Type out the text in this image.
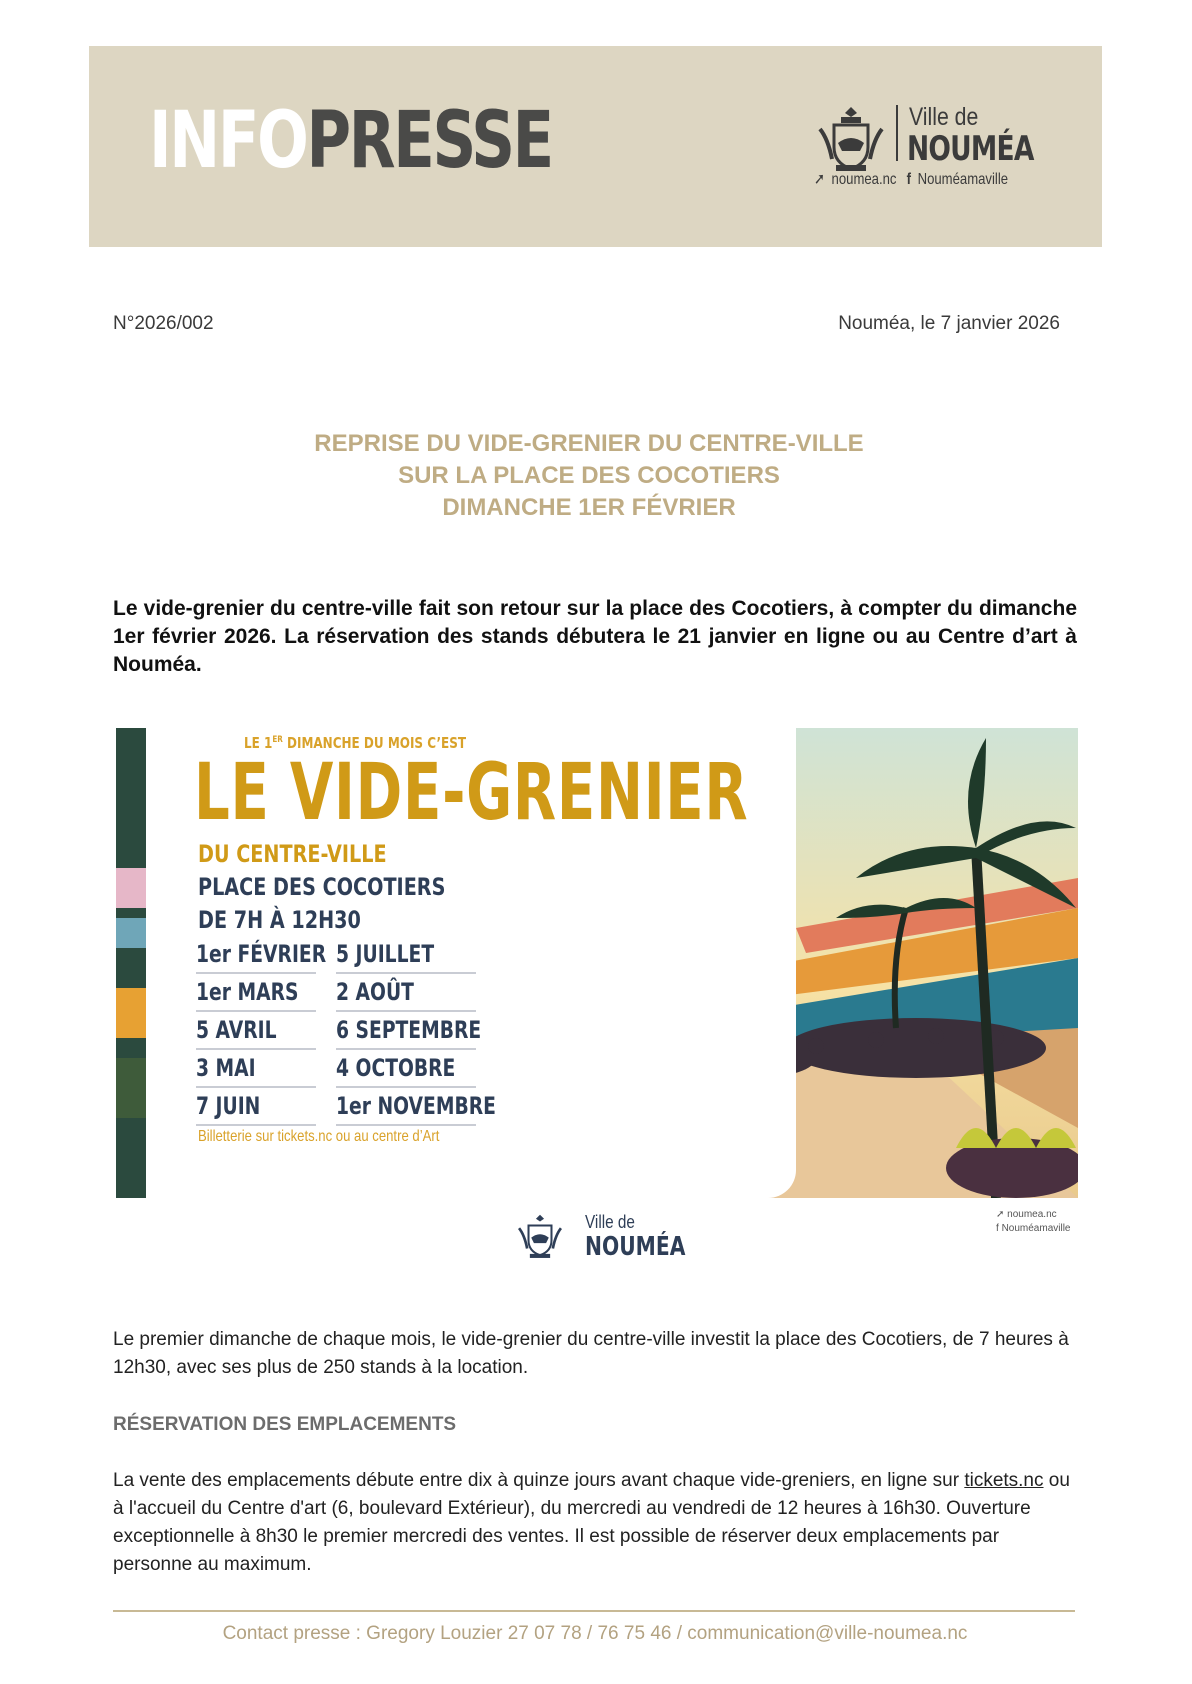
INFOPRESSE	Ville de
NOUMÉA
➚ noumea.nc f Nouméamaville
N°2026/002	Nouméa, le 7 janvier 2026
REPRISE DU VIDE-GRENIER DU CENTRE-VILLE
SUR LA PLACE DES COCOTIERS
DIMANCHE 1ER FÉVRIER

Le vide-grenier du centre-ville fait son retour sur la place des Cocotiers, à compter du dimanche 1er février 2026. La réservation des stands débutera le 21 janvier en ligne ou au Centre d’art à Nouméa.

LE 1ER DIMANCHE DU MOIS C’EST
LE VIDE-GRENIER
DU CENTRE-VILLE
PLACE DES COCOTIERS
DE 7H À 12H30
1er FÉVRIER 5 JUILLET
1er MARS	2 AOÛT
5 AVRIL	6 SEPTEMBRE
3 MAI	4 OCTOBRE
7 JUIN	1er NOVEMBRE
Billetterie sur tickets.nc ou au centre d’Art
Ville de
NOUMÉA
➚ noumea.nc
f Nouméamaville

Le premier dimanche de chaque mois, le vide-grenier du centre-ville investit la place des Cocotiers, de 7 heures à 12h30, avec ses plus de 250 stands à la location.

RÉSERVATION DES EMPLACEMENTS

La vente des emplacements débute entre dix à quinze jours avant chaque vide-greniers, en ligne sur tickets.nc ou à l'accueil du Centre d'art (6, boulevard Extérieur), du mercredi au vendredi de 12 heures à 16h30. Ouverture exceptionnelle à 8h30 le premier mercredi des ventes. Il est possible de réserver deux emplacements par personne au maximum.

Contact presse : Gregory Louzier 27 07 78 / 76 75 46 / communication@ville-noumea.nc
